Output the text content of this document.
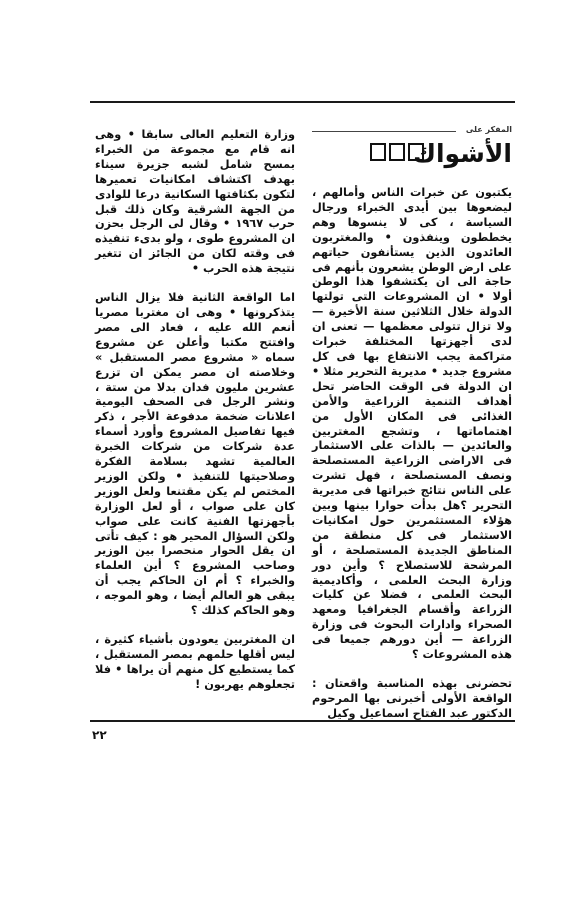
المفكر على
الأشواك

يكتبون عن خبرات الناس وأمالهم ، ليضعوها بين أيدى الخبراء ورجال السياسة ، كى لا ينسوها وهم يخططون وينفذون • والمغتربون العائدون الذين يستأنفون حياتهم على ارض الوطن يشعرون بأنهم فى حاجة الى ان يكتشفوا هذا الوطن أولا • ان المشروعات التى تولتها الدولة خلال الثلاثين سنة الأخيرة — ولا تزال تتولى معظمها — تعنى ان لدى أجهزتها المختلفة خبرات متراكمة يجب الانتفاع بها فى كل مشروع جديد • مديرية التحرير مثلا • ان الدولة فى الوقت الحاضر تحل أهداف التنمية الزراعية والأمن الغذائى فى المكان الأول من اهتماماتها ، وتشجع المغتربين والعائدين — بالذات على الاستثمار فى الاراضى الزراعية المستصلحة ونصف المستصلحة ، فهل تشرت على الناس نتائج خبراتها فى مديرية التحرير ؟هل بدأت حوارا بينها وبين هؤلاء المستثمرين حول امكانيات الاستثمار فى كل منطقة من المناطق الجديدة المستصلحة ، أو المرشحة للاستصلاح ؟ وأين دور وزارة البحث العلمى ، وأكاديمية البحث العلمى ، فضلا عن كليات الزراعة وأقسام الجغرافيا ومعهد الصحراء وادارات البحوث فى وزارة الزراعة — أين دورهم جميعا فى هذه المشروعات ؟

تحضرنى بهذه المناسبة واقعتان : الواقعة الأولى أخبرنى بها المرحوم الدكتور عبد الفتاح اسماعيل وكيل

وزارة التعليم العالى سابقا • وهى انه قام مع مجموعة من الخبراء بمسح شامل لشبه جزيرة سيناء بهدف اكتشاف امكانيات تعميرها لتكون بكثافتها السكانية درعا للوادى من الجهة الشرقية وكان ذلك قبل حرب ١٩٦٧ • وقال لى الرجل بحزن ان المشروع طوى ، ولو بدىء تنفيذه فى وقته لكان من الجائز ان تتغير نتيجة هذه الحرب •

اما الواقعة الثانية فلا يزال الناس يتذكرونها • وهى ان مغتربا مصريا أنعم الله عليه ، فعاد الى مصر وافتتح مكتبا وأعلن عن مشروع سماه « مشروع مصر المستقبل » وخلاصته ان مصر يمكن ان تزرع عشرين مليون فدان بدلا من ستة ، ونشر الرجل فى الصحف اليومية اعلانات ضخمة مدفوعة الأجر ، ذكر فيها تفاصيل المشروع وأورد أسماء عدة شركات من شركات الخبرة العالمية تشهد بسلامة الفكرة وصلاحيتها للتنفيذ • ولكن الوزير المختص لم يكن مقتنعا ولعل الوزير كان على صواب ، أو لعل الوزارة بأجهزتها الفنية كانت على صواب ولكن السؤال المحير هو : كيف تأتى ان يقل الحوار منحصرا بين الوزير وصاحب المشروع ؟ أين العلماء والخبراء ؟ أم ان الحاكم يجب أن يبقى هو العالم أيضا ، وهو الموجه ، وهو الحاكم كذلك ؟

ان المغتربين يعودون بأشياء كثيرة ، ليس أقلها حلمهم بمصر المستقبل ، كما يستطيع كل منهم أن يراها • فلا تجعلوهم يهربون !

٢٢
